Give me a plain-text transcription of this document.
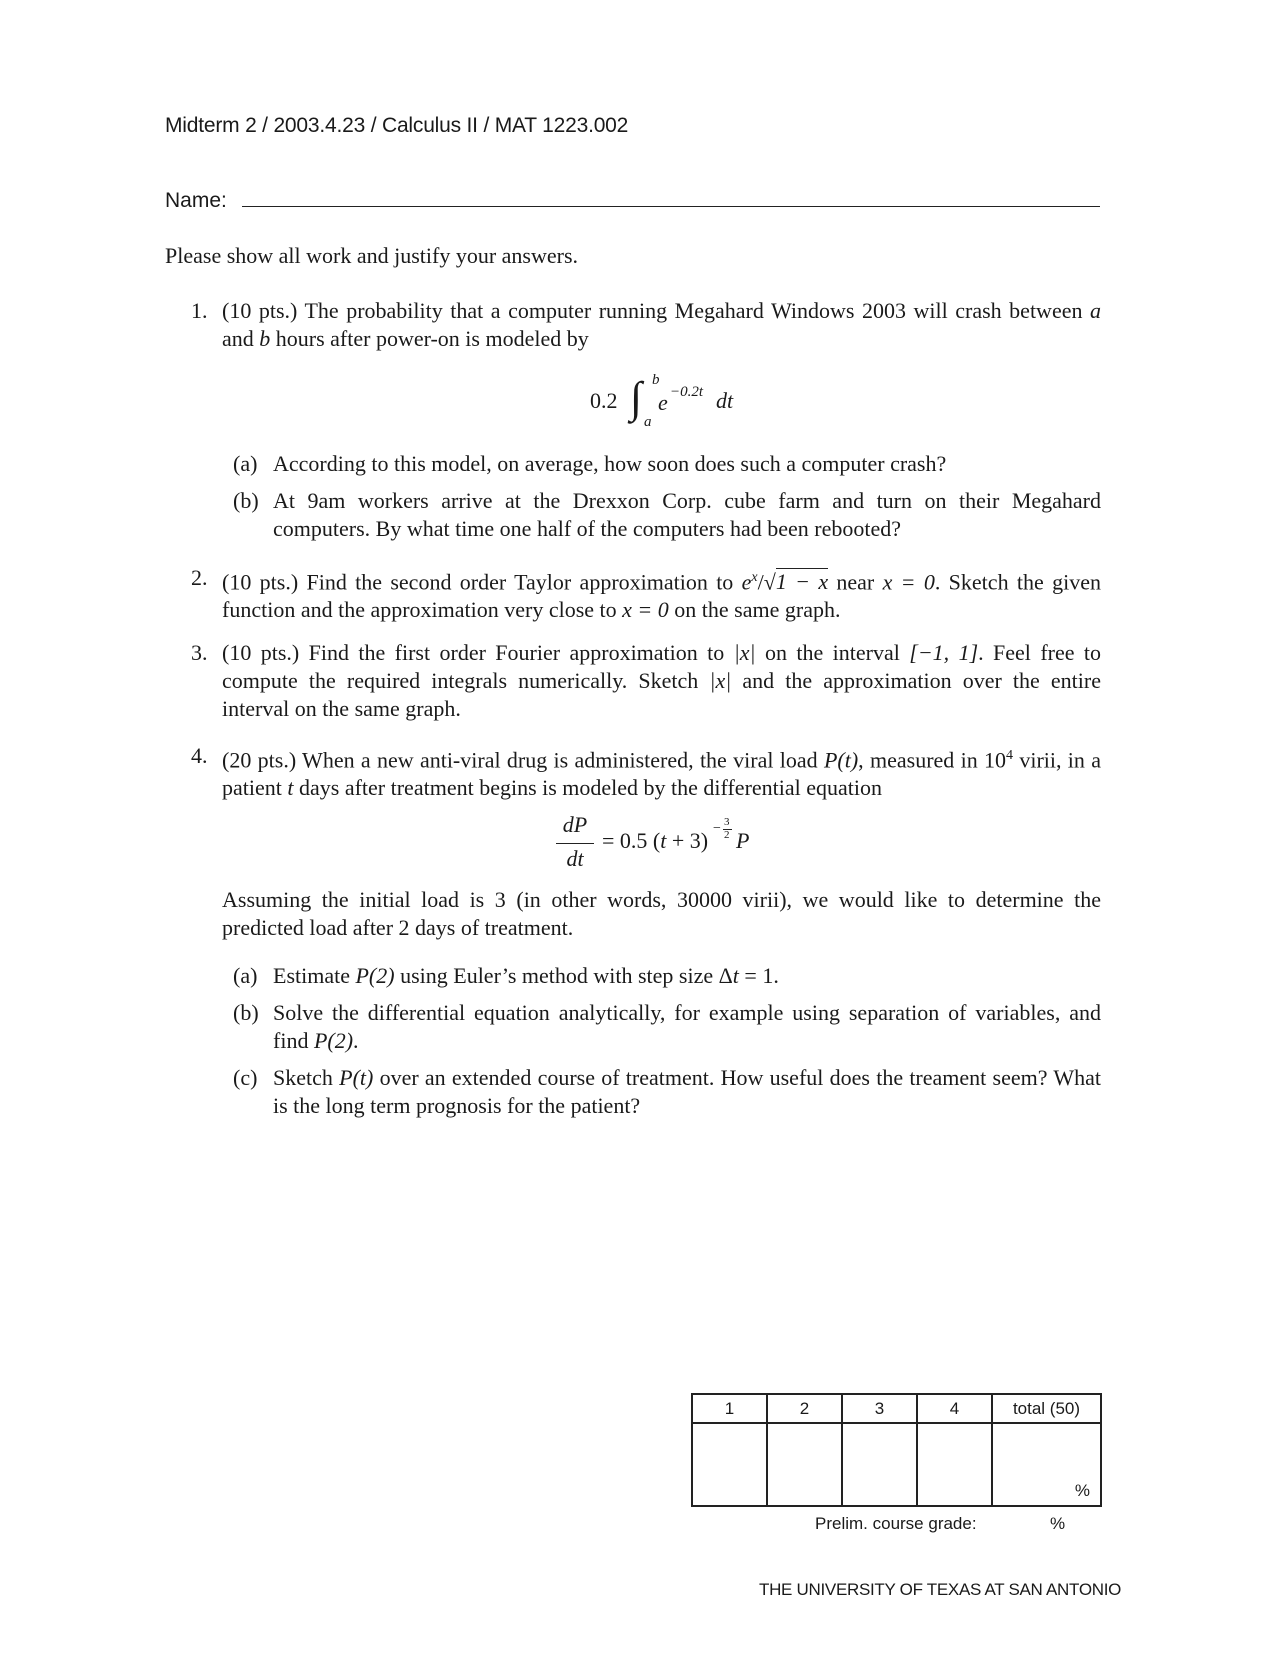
Midterm 2 / 2003.4.23 / Calculus II / MAT 1223.002
Name:
Please show all work and justify your answers.
1. (10 pts.) The probability that a computer running Megahard Windows 2003 will crash between a and b hours after power-on is modeled by
0.2 ∫ b
a
e −0.2t dt
(a) According to this model, on average, how soon does such a computer crash?
(b) At 9am workers arrive at the Drexxon Corp. cube farm and turn on their Megahard computers. By what time one half of the computers had been rebooted?
2. (10 pts.) Find the second order Taylor approximation to $e^x/√1 - x$ near x = 0. Sketch the given function and the approximation very close to x = 0 on the same graph.
3. (10 pts.) Find the first order Fourier approximation to |x| on the interval [−1, 1]. Feel free to compute the required integrals numerically. Sketch |x| and the approximation over the entire interval on the same graph.
4. (20 pts.) When a new anti-viral drug is administered, the viral load P(t), measured in $10^4$ virii, in a patient t days after treatment begins is modeled by the differential equation
dP
dt
= 0.5 (t + 3) − 3
2 P
Assuming the initial load is 3 (in other words, 30000 virii), we would like to determine the predicted load after 2 days of treatment.
(a) Estimate P(2) using Euler’s method with step size Δt = 1.
(b) Solve the differential equation analytically, for example using separation of variables, and find P(2).
(c) Sketch P(t) over an extended course of treatment. How useful does the treament seem? What is the long term prognosis for the patient?
1	2	3	4	total (50)

				%
Prelim. course grade:	%
THE UNIVERSITY OF TEXAS AT SAN ANTONIO
